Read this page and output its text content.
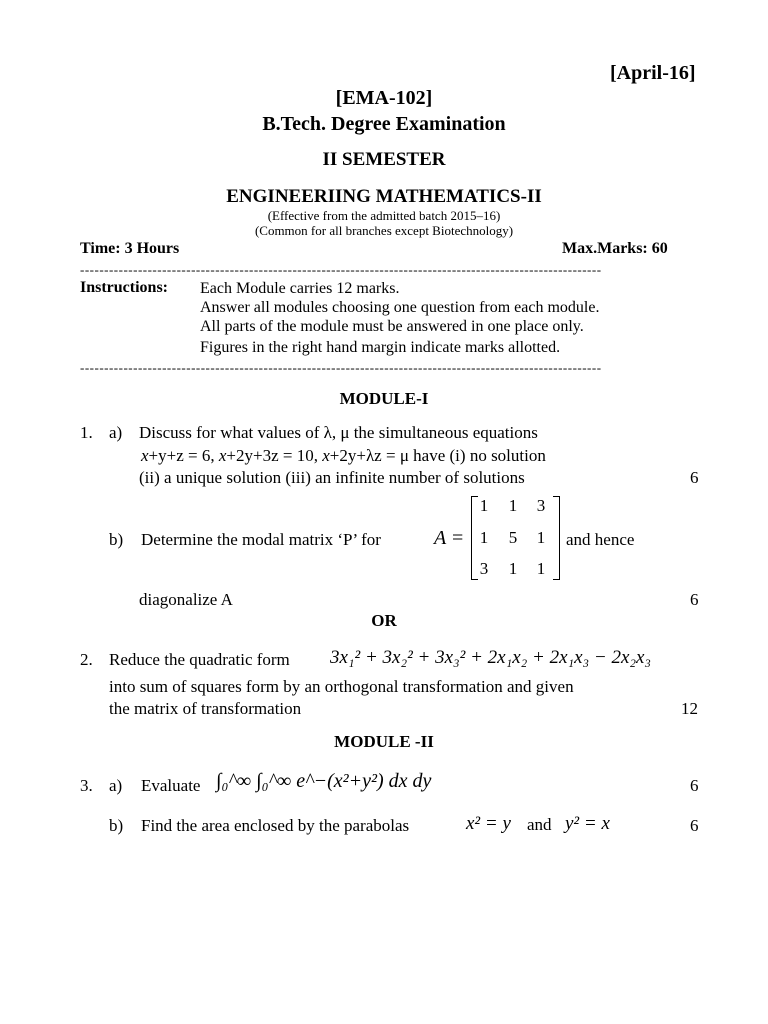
[April-16]
[EMA-102]
B.Tech. Degree Examination
II SEMESTER
ENGINEERIING MATHEMATICS-II
(Effective from the admitted batch 2015–16)
(Common for all branches except Biotechnology)
Time: 3 Hours	Max.Marks: 60
------------------------------------------------------------------------------------------------------------
Instructions: Each Module carries 12 marks.
Answer all modules choosing one question from each module.
All parts of the module must be answered in one place only.
Figures in the right hand margin indicate marks allotted.
------------------------------------------------------------------------------------------------------------
MODULE-I
1. a) Discuss for what values of λ, μ the simultaneous equations
x+y+z = 6, x+2y+3z = 10, x+2y+λz = μ have (i) no solution
(ii) a unique solution (iii) an infinite number of solutions	6
b) Determine the modal matrix ‘P’ for	A =
1	1	3
1	5	1
3	1	1
and hence
diagonalize A	6
OR
2. Reduce the quadratic form 3x₁² + 3x₂² + 3x₃² + 2x₁x₂ + 2x₁x₃ − 2x₂x₃
into sum of squares form by an orthogonal transformation and given
the matrix of transformation	12
MODULE -II
3. a) Evaluate ∫₀^∞ ∫₀^∞ e^−(x²+y²) dx dy	6
b) Find the area enclosed by the parabolas	x² = y and y² = x	6
